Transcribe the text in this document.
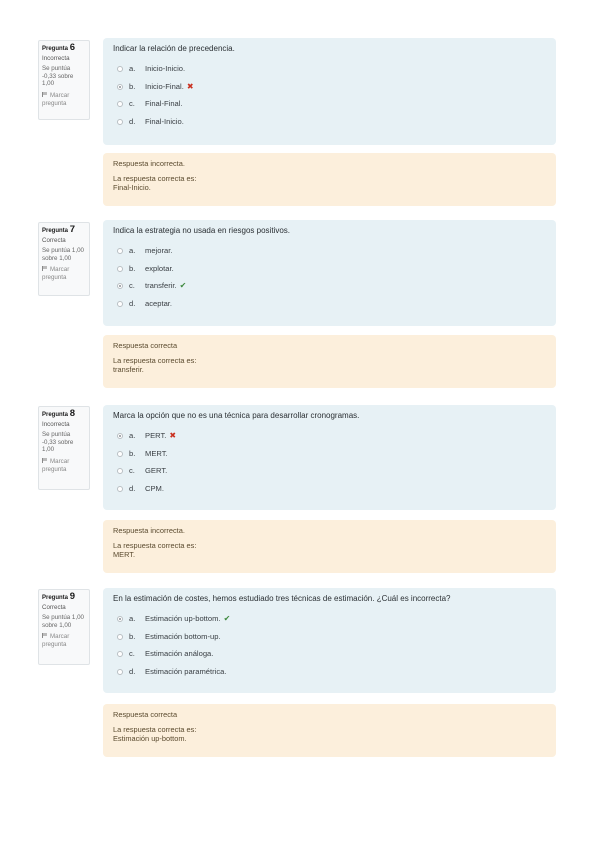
Pregunta 6
Incorrecta
Se puntúa -0,33 sobre 1,00
Marcar pregunta
Indicar la relación de precedencia.
a.	Inicio-Inicio.
b.	Inicio-Final. ✖
c.	Final-Final.
d.	Final-Inicio.
Respuesta incorrecta.
La respuesta correcta es:
Final-Inicio.
Pregunta 7
Correcta
Se puntúa 1,00 sobre 1,00
Marcar pregunta
Indica la estrategia no usada en riesgos positivos.
a.	mejorar.
b.	explotar.
c.	transferir. ✔
d.	aceptar.
Respuesta correcta
La respuesta correcta es:
transferir.
Pregunta 8
Incorrecta
Se puntúa -0,33 sobre 1,00
Marcar pregunta
Marca la opción que no es una técnica para desarrollar cronogramas.
a.	PERT. ✖
b.	MERT.
c.	GERT.
d.	CPM.
Respuesta incorrecta.
La respuesta correcta es:
MERT.
Pregunta 9
Correcta
Se puntúa 1,00 sobre 1,00
Marcar pregunta
En la estimación de costes, hemos estudiado tres técnicas de estimación. ¿Cuál es incorrecta?
a.	Estimación up-bottom. ✔
b.	Estimación bottom-up.
c.	Estimación análoga.
d.	Estimación paramétrica.
Respuesta correcta
La respuesta correcta es:
Estimación up-bottom.
